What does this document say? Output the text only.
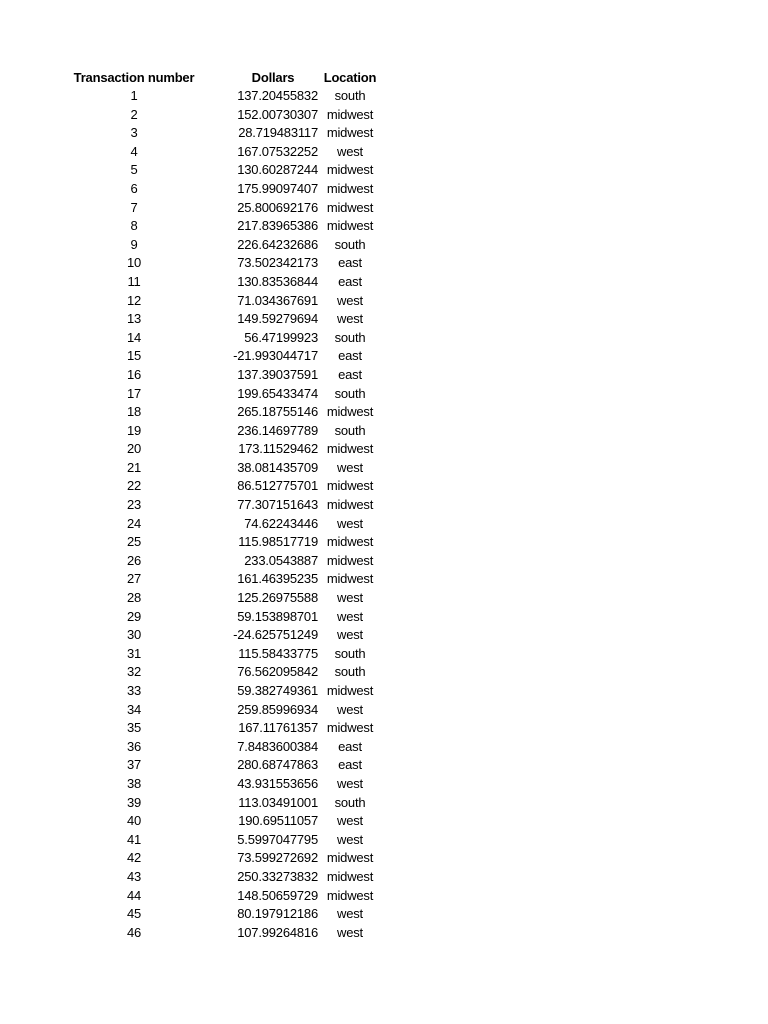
Transaction number	Dollars	Location
1	137.20455832	south
2	152.00730307	midwest
3	28.719483117	midwest
4	167.07532252	west
5	130.60287244	midwest
6	175.99097407	midwest
7	25.800692176	midwest
8	217.83965386	midwest
9	226.64232686	south
10	73.502342173	east
11	130.83536844	east
12	71.034367691	west
13	149.59279694	west
14	56.47199923	south
15	-21.993044717	east
16	137.39037591	east
17	199.65433474	south
18	265.18755146	midwest
19	236.14697789	south
20	173.11529462	midwest
21	38.081435709	west
22	86.512775701	midwest
23	77.307151643	midwest
24	74.62243446	west
25	115.98517719	midwest
26	233.0543887	midwest
27	161.46395235	midwest
28	125.26975588	west
29	59.153898701	west
30	-24.625751249	west
31	115.58433775	south
32	76.562095842	south
33	59.382749361	midwest
34	259.85996934	west
35	167.11761357	midwest
36	7.8483600384	east
37	280.68747863	east
38	43.931553656	west
39	113.03491001	south
40	190.69511057	west
41	5.5997047795	west
42	73.599272692	midwest
43	250.33273832	midwest
44	148.50659729	midwest
45	80.197912186	west
46	107.99264816	west
